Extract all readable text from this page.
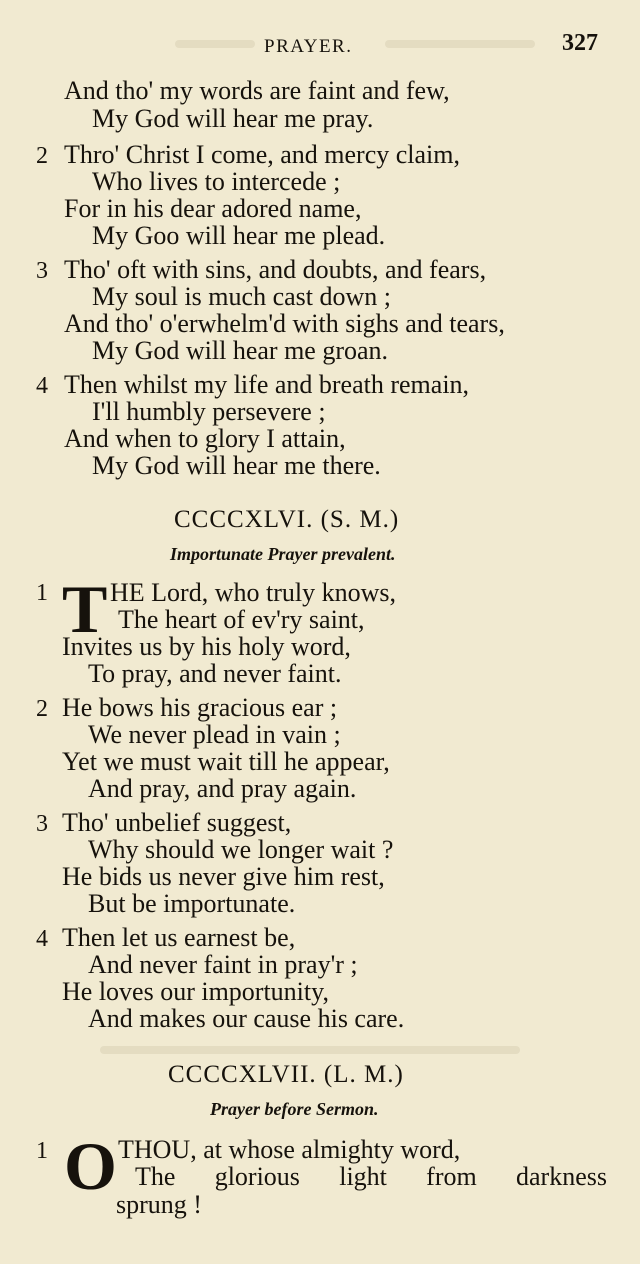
PRAYER.	327
And tho' my words are faint and few,
My God will hear me pray.
2 Thro' Christ I come, and mercy claim,
Who lives to intercede ;
For in his dear adored name,
My Goo will hear me plead.
3 Tho' oft with sins, and doubts, and fears,
My soul is much cast down ;
And tho' o'erwhelm'd with sighs and tears,
My God will hear me groan.
4 Then whilst my life and breath remain,
I'll humbly persevere ;
And when to glory I attain,
My God will hear me there.
CCCCXLVI. (S. M.)
Importunate Prayer prevalent.
1 T HE Lord, who truly knows,
The heart of ev'ry saint,
Invites us by his holy word,
To pray, and never faint.
2 He bows his gracious ear ;
We never plead in vain ;
Yet we must wait till he appear,
And pray, and pray again.
3 Tho' unbelief suggest,
Why should we longer wait ?
He bids us never give him rest,
But be importunate.
4 Then let us earnest be,
And never faint in pray'r ;
He loves our importunity,
And makes our cause his care.
CCCCXLVII. (L. M.)
Prayer before Sermon.
1 O THOU, at whose almighty word,
The glorious light from darkness
sprung !
